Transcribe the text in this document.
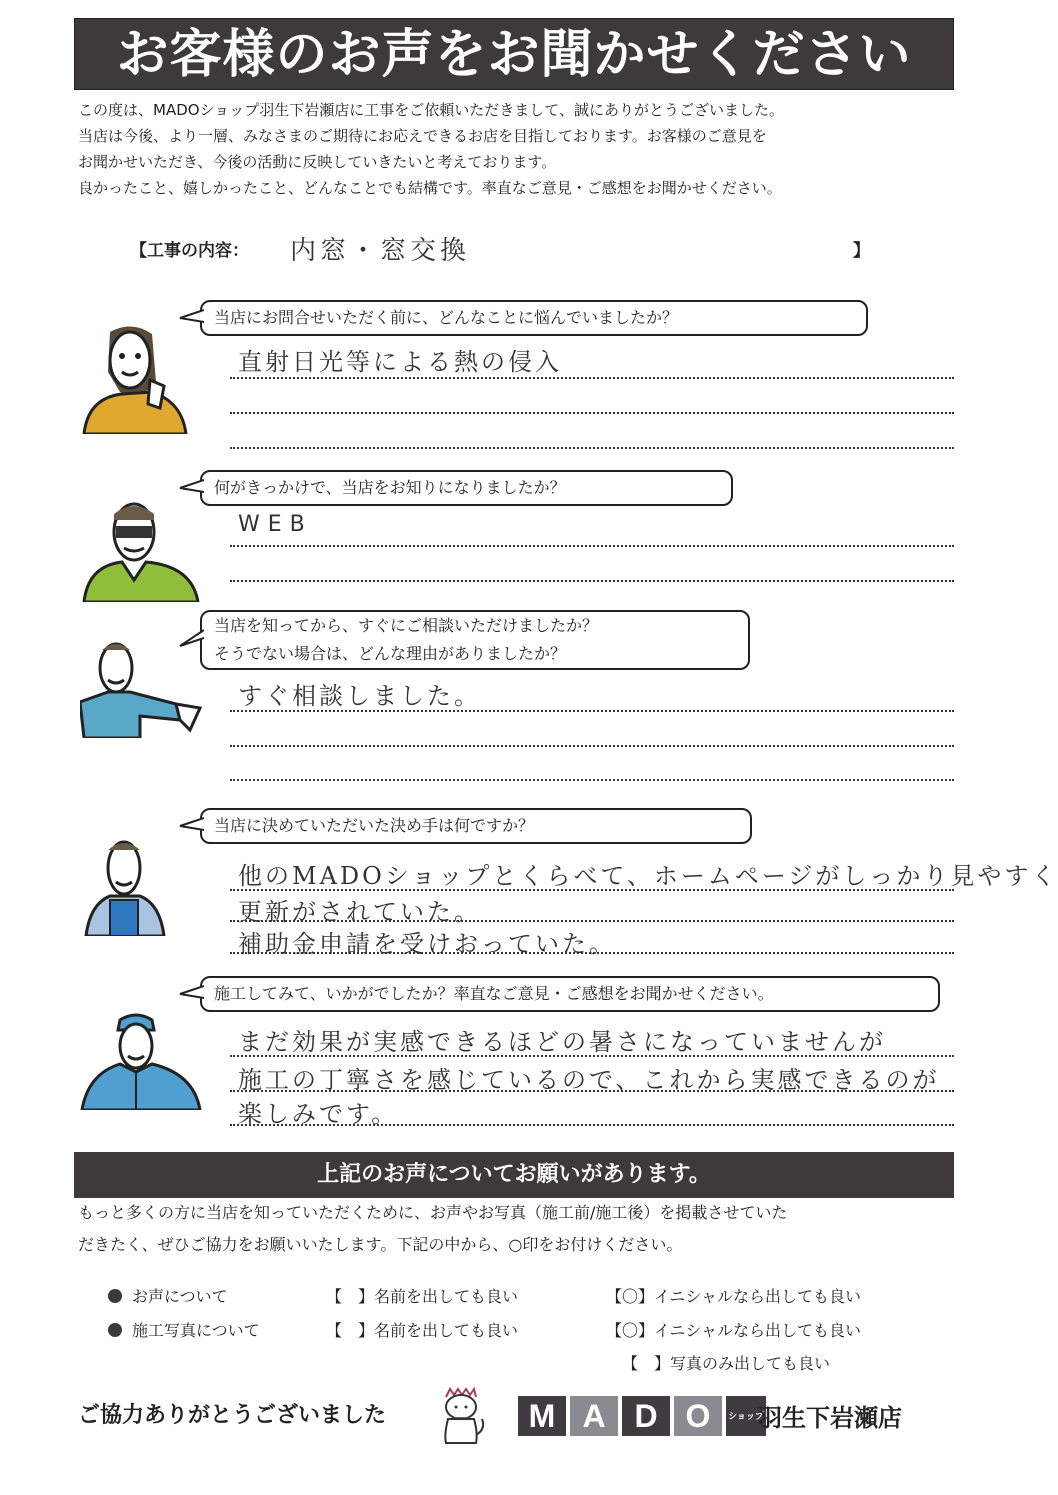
お客様のお声をお聞かせください

この度は、MADOショップ羽生下岩瀬店に工事をご依頼いただきまして、誠にありがとうございました。

当店は今後、より一層、みなさまのご期待にお応えできるお店を目指しております。お客様のご意見を

お聞かせいただき、今後の活動に反映していきたいと考えております。

良かったこと、嬉しかったこと、どんなことでも結構です。率直なご意見・ご感想をお聞かせください。

【工事の内容： 内窓・窓交換	】
当店にお問合せいただく前に、どんなことに悩んでいましたか？
直射日光等による熱の侵入
何がきっかけで、当店をお知りになりましたか？
WEB
当店を知ってから、すぐにご相談いただけましたか？
そうでない場合は、どんな理由がありましたか？
すぐ相談しました。
当店に決めていただいた決め手は何ですか？
他のMADOショップとくらべて、ホームページがしっかり見やすく
更新がされていた。
補助金申請を受けおっていた。
施工してみて、いかがでしたか？率直なご意見・ご感想をお聞かせください。
まだ効果が実感できるほどの暑さになっていませんが
施工の丁寧さを感じているので、これから実感できるのが
楽しみです。
上記のお声についてお願いがあります。

もっと多くの方に当店を知っていただくために、お声やお写真（施工前/施工後）を掲載させていた

だきたく、ぜひご協力をお願いいたします。下記の中から、○印をお付けください。

お声について	【　】名前を出しても良い	【〇】イニシャルなら出しても良い
施工写真について	【　】名前を出しても良い	【〇】イニシャルなら出しても良い
【　】写真のみ出しても良い
ご協力ありがとうございました	M A D O	ショップ
羽生下岩瀬店
